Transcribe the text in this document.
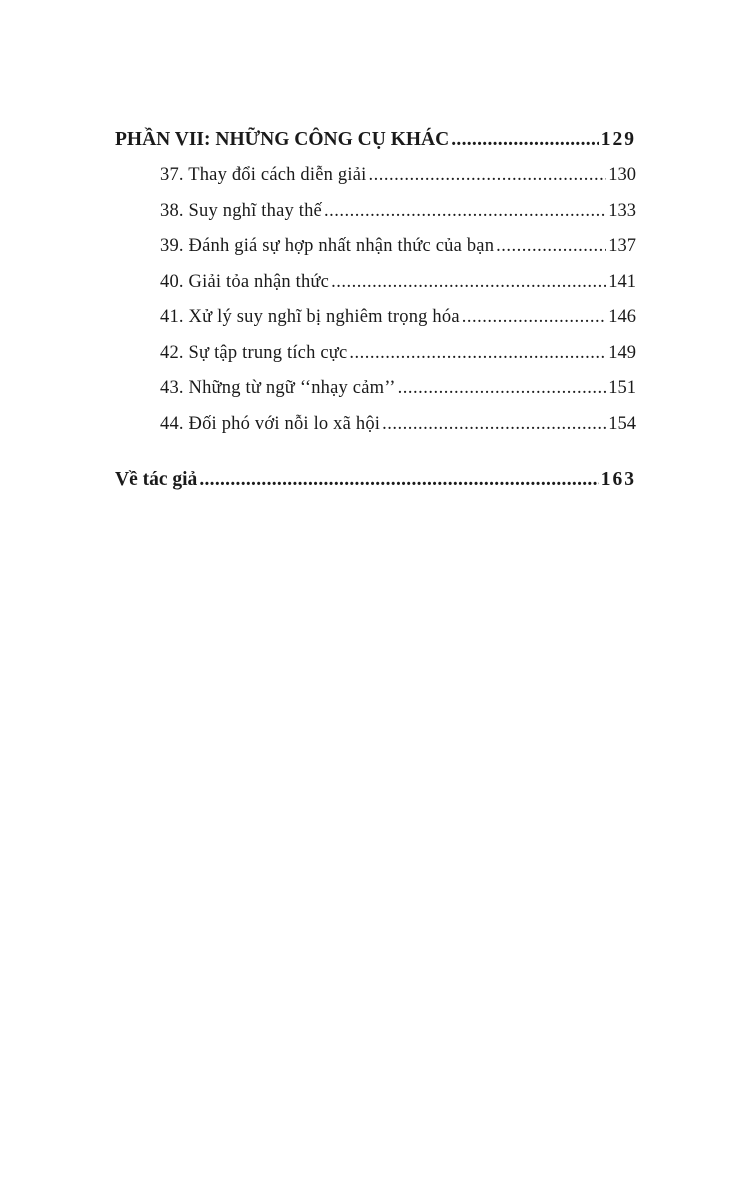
PHẦN VII: NHỮNG CÔNG CỤ KHÁC .....	129
37. Thay đổi cách diễn giải .....	130
38. Suy nghĩ thay thế .....	133
39. Đánh giá sự hợp nhất nhận thức của bạn .....	137
40. Giải tỏa nhận thức .....	141
41. Xử lý suy nghĩ bị nghiêm trọng hóa .....	146
42. Sự tập trung tích cực .....	149
43. Những từ ngữ ‘‘nhạy cảm’’ .....	151
44. Đối phó với nỗi lo xã hội .....	154
Về tác giả .....	163
